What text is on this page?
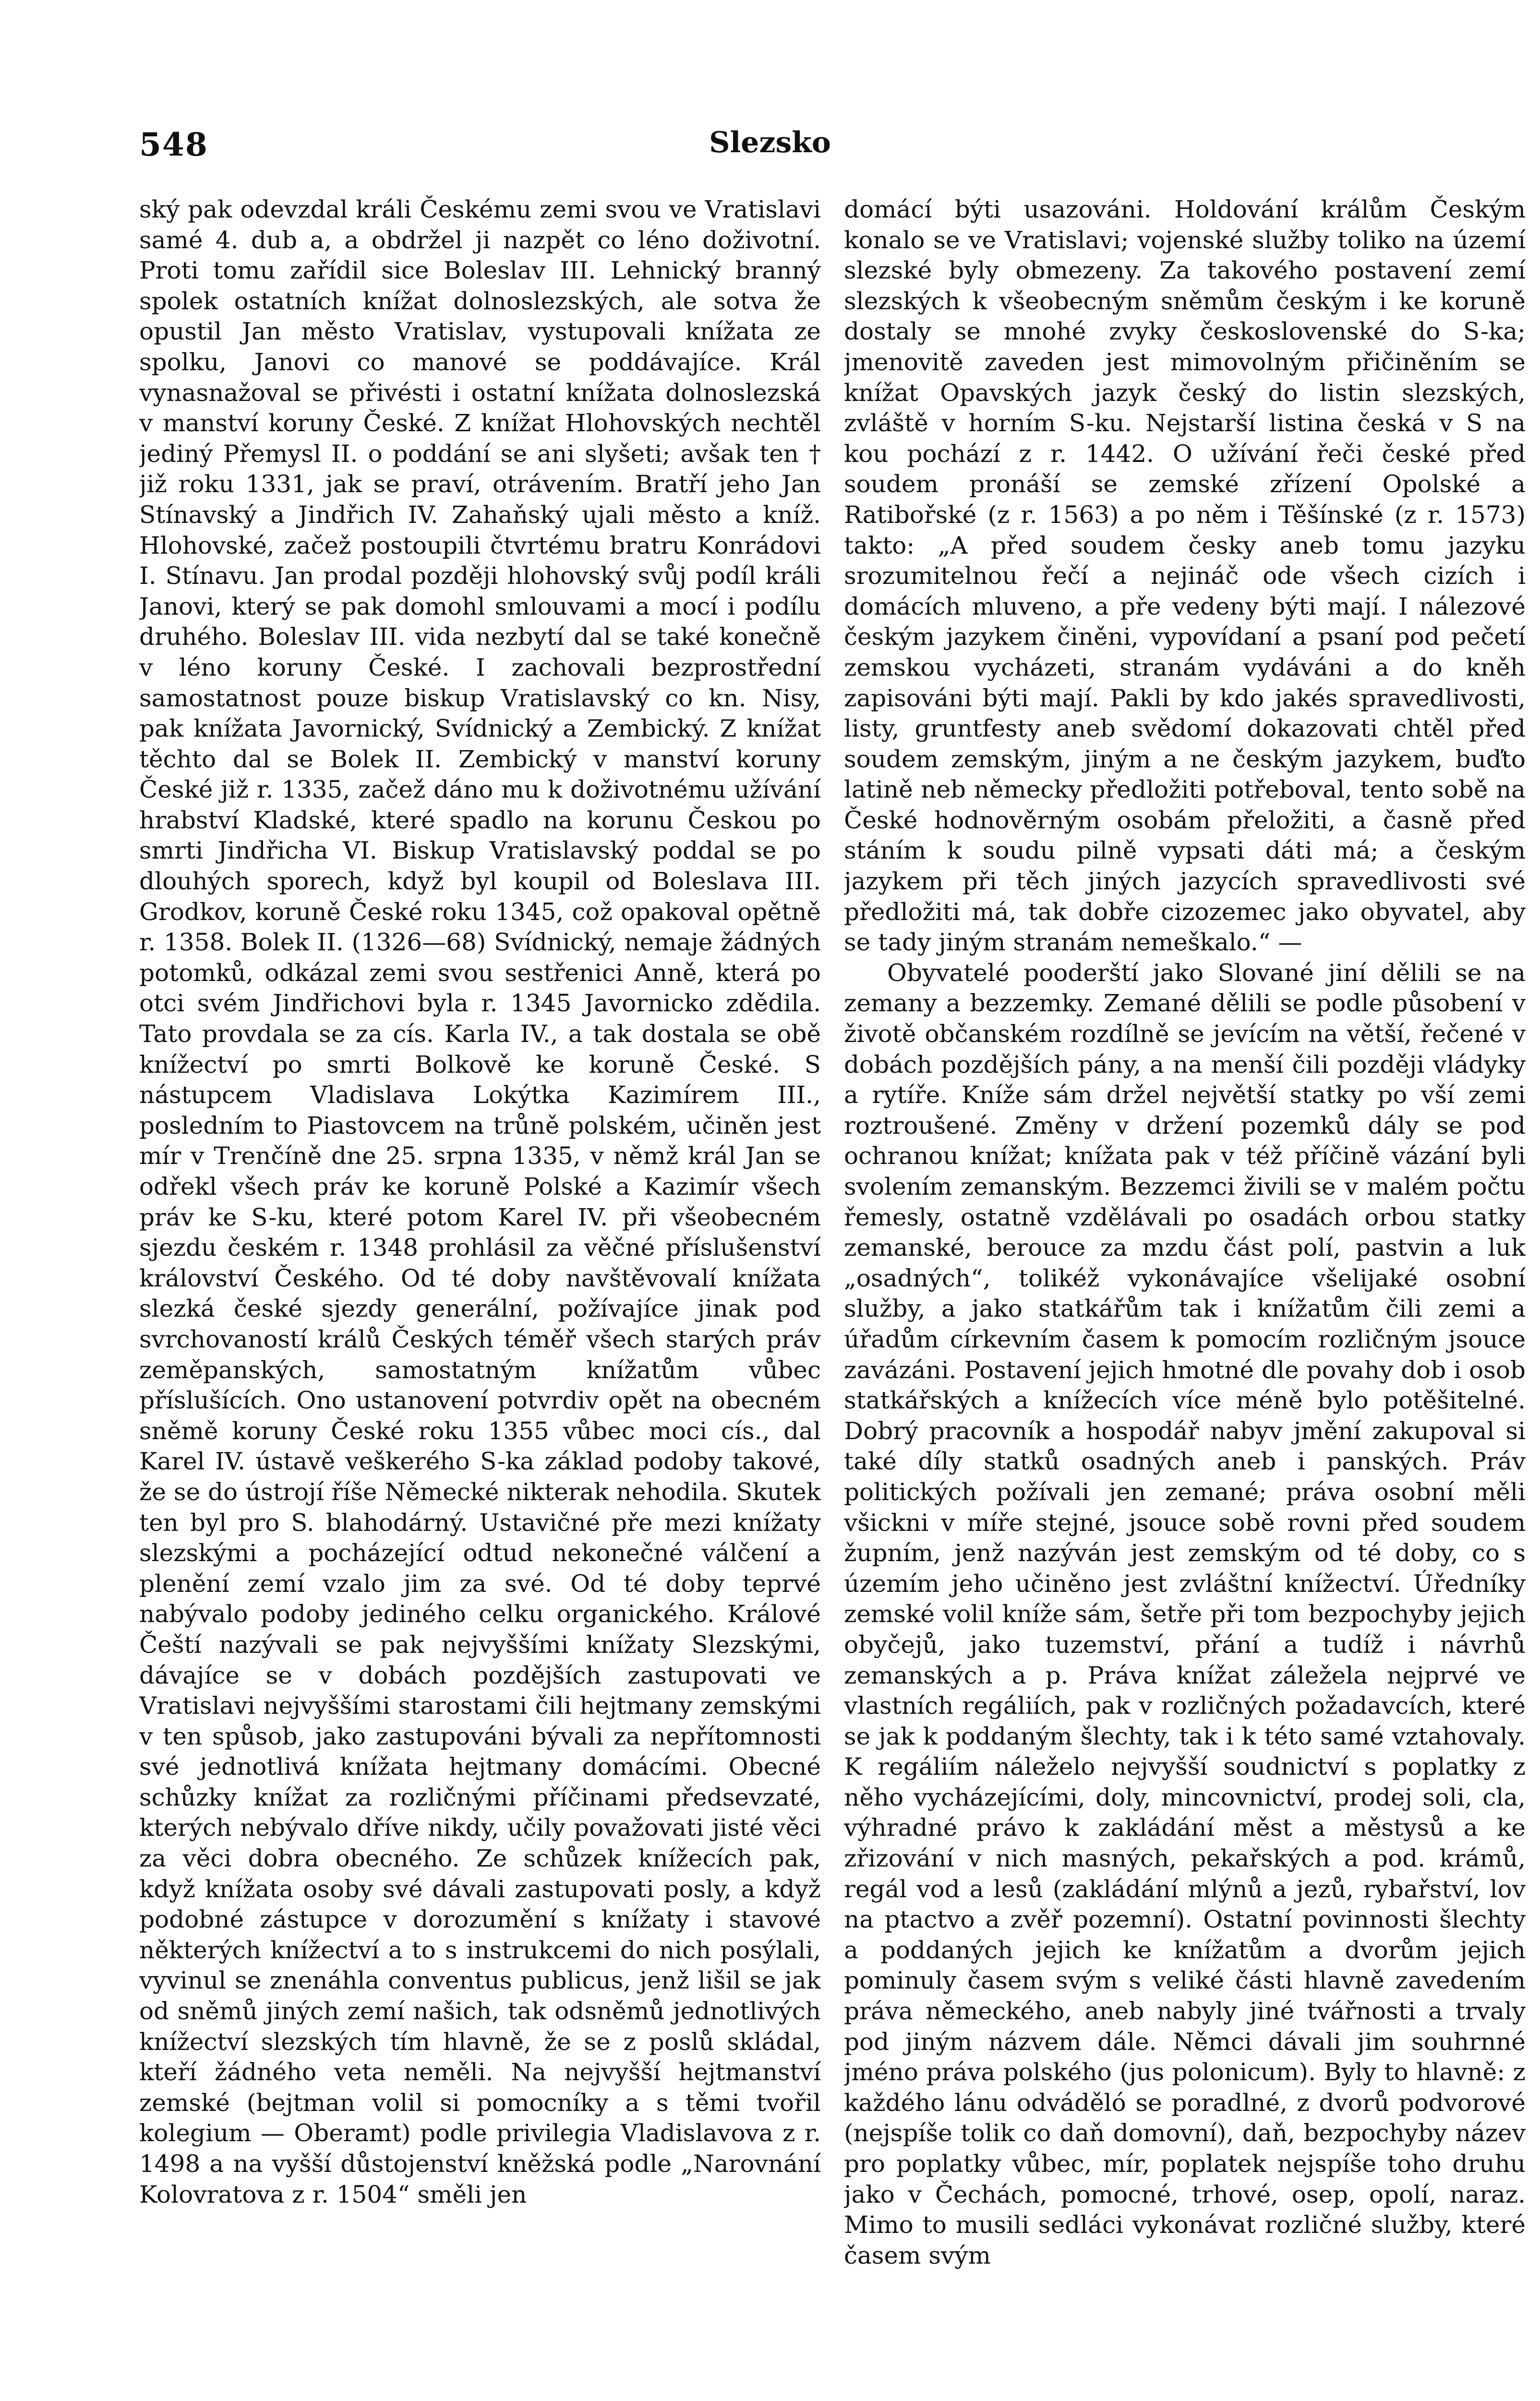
548	Slezsko

ský pak odevzdal králi Českému zemi svou ve Vratislavi samé 4. dub a, a obdržel ji nazpět co léno doživotní. Proti tomu zařídil sice Boleslav III. Lehnický branný spolek ostatních knížat dolnoslezských, ale sotva že opustil Jan město Vratislav, vystupovali knížata ze spolku, Janovi co manové se poddávajíce. Král vynasnažoval se přivésti i ostatní knížata dolnoslezská v manství koruny České. Z knížat Hlohovských nechtěl jediný Přemysl II. o poddání se ani slyšeti; avšak ten † již roku 1331, jak se praví, otrávením. Bratří jeho Jan Stínavský a Jindřich IV. Zahaňský ujali město a kníž. Hlohovské, začež postoupili čtvrtému bratru Konrádovi I. Stínavu. Jan prodal později hlohovský svůj podíl králi Janovi, který se pak domohl smlouvami a mocí i podílu druhého. Boleslav III. vida nezbytí dal se také konečně v léno koruny České. I zachovali bezprostřední samostatnost pouze biskup Vratislavský co kn. Nisy, pak knížata Javornický, Svídnický a Zembický. Z knížat těchto dal se Bolek II. Zembický v manství koruny České již r. 1335, začež dáno mu k doživotnému užívání hrabství Kladské, které spadlo na korunu Českou po smrti Jindřicha VI. Biskup Vratislavský poddal se po dlouhých sporech, když byl koupil od Boleslava III. Grodkov, koruně České roku 1345, což opakoval opětně r. 1358. Bolek II. (1326—68) Svídnický, nemaje žádných potomků, odkázal zemi svou sestřenici Anně, která po otci svém Jindřichovi byla r. 1345 Javornicko zdědila. Tato provdala se za cís. Karla IV., a tak dostala se obě knížectví po smrti Bolkově ke koruně České. S nástupcem Vladislava Lokýtka Kazimírem III., posledním to Piastovcem na trůně polském, učiněn jest mír v Trenčíně dne 25. srpna 1335, v němž král Jan se odřekl všech práv ke koruně Polské a Kazimír všech práv ke S-ku, které potom Karel IV. při všeobecném sjezdu českém r. 1348 prohlásil za věčné příslušenství království Českého. Od té doby navštěvovalí knížata slezká české sjezdy generální, požívajíce jinak pod svrchovaností králů Českých téměř všech starých práv zeměpanských, samostatným knížatům vůbec příslušících. Ono ustanovení potvrdiv opět na obecném sněmě koruny České roku 1355 vůbec moci cís., dal Karel IV. ústavě veškerého S-ka základ podoby takové, že se do ústrojí říše Německé nikterak nehodila. Skutek ten byl pro S. blahodárný. Ustavičné pře mezi knížaty slezskými a pocházející odtud nekonečné válčení a plenění zemí vzalo jim za své. Od té doby teprvé nabývalo podoby jediného celku organického. Králové Čeští nazývali se pak nejvyššími knížaty Slezskými, dávajíce se v dobách pozdějších zastupovati ve Vratislavi nejvyššími starostami čili hejtmany zemskými v ten spůsob, jako zastupováni bývali za nepřítomnosti své jednotlivá knížata hejtmany domácími. Obecné schůzky knížat za rozličnými příčinami předsevzaté, kterých nebývalo dříve nikdy, učily považovati jisté věci za věci dobra obecného. Ze schůzek knížecích pak, když knížata osoby své dávali zastupovati posly, a když podobné zástupce v dorozumění s knížaty i stavové některých knížectví a to s instrukcemi do nich posýlali, vyvinul se znenáhla conventus publicus, jenž lišil se jak od sněmů jiných zemí našich, tak odsněmů jednotlivých knížectví slezských tím hlavně, že se z poslů skládal, kteří žádného veta neměli. Na nejvyšší hejtmanství zemské (bejtman volil si pomocníky a s těmi tvořil kolegium — Oberamt) podle privilegia Vladislavova z r. 1498 a na vyšší důstojenství kněžská podle „Narovnání Kolovratova z r. 1504“ směli jen

domácí býti usazováni. Holdování králům Českým konalo se ve Vratislavi; vojenské služby toliko na území slezské byly obmezeny. Za takového postavení zemí slezských k všeobecným sněmům českým i ke koruně dostaly se mnohé zvyky československé do S-ka; jmenovitě zaveden jest mimovolným přičiněním se knížat Opavských jazyk český do listin slezských, zvláště v horním S-ku. Nejstarší listina česká v S na kou pochází z r. 1442. O užívání řeči české před soudem pronáší se zemské zřízení Opolské a Ratibořské (z r. 1563) a po něm i Těšínské (z r. 1573) takto: „A před soudem česky aneb tomu jazyku srozumitelnou řečí a nejináč ode všech cizích i domácích mluveno, a pře vedeny býti mají. I nálezové českým jazykem činěni, vypovídaní a psaní pod pečetí zemskou vycházeti, stranám vydáváni a do kněh zapisováni býti mají. Pakli by kdo jakés spravedlivosti, listy, gruntfesty aneb svědomí dokazovati chtěl před soudem zemským, jiným a ne českým jazykem, buďto latině neb německy předložiti potřeboval, tento sobě na České hodnověrným osobám přeložiti, a časně před stáním k soudu pilně vypsati dáti má; a českým jazykem při těch jiných jazycích spravedlivosti své předložiti má, tak dobře cizozemec jako obyvatel, aby se tady jiným stranám nemeškalo.“ —

Obyvatelé pooderští jako Slované jiní dělili se na zemany a bezzemky. Zemané dělili se podle působení v životě občanském rozdílně se jevícím na větší, řečené v dobách pozdějších pány, a na menší čili později vládyky a rytíře. Kníže sám držel největší statky po vší zemi roztroušené. Změny v držení pozemků dály se pod ochranou knížat; knížata pak v též příčině vázání byli svolením zemanským. Bezzemci živili se v malém počtu řemesly, ostatně vzdělávali po osadách orbou statky zemanské, berouce za mzdu část polí, pastvin a luk „osadných“, tolikéž vykonávajíce všelijaké osobní služby, a jako statkářům tak i knížatům čili zemi a úřadům církevním časem k pomocím rozličným jsouce zavázáni. Postavení jejich hmotné dle povahy dob i osob statkářských a knížecích více méně bylo potěšitelné. Dobrý pracovník a hospodář nabyv jmění zakupoval si také díly statků osadných aneb i panských. Práv politických požívali jen zemané; práva osobní měli všickni v míře stejné, jsouce sobě rovni před soudem župním, jenž nazýván jest zemským od té doby, co s územím jeho učiněno jest zvláštní knížectví. Úředníky zemské volil kníže sám, šetře při tom bezpochyby jejich obyčejů, jako tuzemství, přání a tudíž i návrhů zemanských a p. Práva knížat záležela nejprvé ve vlastních regáliích, pak v rozličných požadavcích, které se jak k poddaným šlechty, tak i k této samé vztahovaly. K regáliím náleželo nejvyšší soudnictví s poplatky z něho vycházejícími, doly, mincovnictví, prodej soli, cla, výhradné právo k zakládání měst a městysů a ke zřizování v nich masných, pekařských a pod. krámů, regál vod a lesů (zakládání mlýnů a jezů, rybařství, lov na ptactvo a zvěř pozemní). Ostatní povinnosti šlechty a poddaných jejich ke knížatům a dvorům jejich pominuly časem svým s veliké části hlavně zavedením práva německého, aneb nabyly jiné tvářnosti a trvaly pod jiným názvem dále. Němci dávali jim souhrnné jméno práva polského (jus polonicum). Byly to hlavně: z každého lánu odváděló se poradlné, z dvorů podvorové (nejspíše tolik co daň domovní), daň, bezpochyby název pro poplatky vůbec, mír, poplatek nejspíše toho druhu jako v Čechách, pomocné, trhové, osep, opolí, naraz. Mimo to musili sedláci vykonávat rozličné služby, které časem svým
